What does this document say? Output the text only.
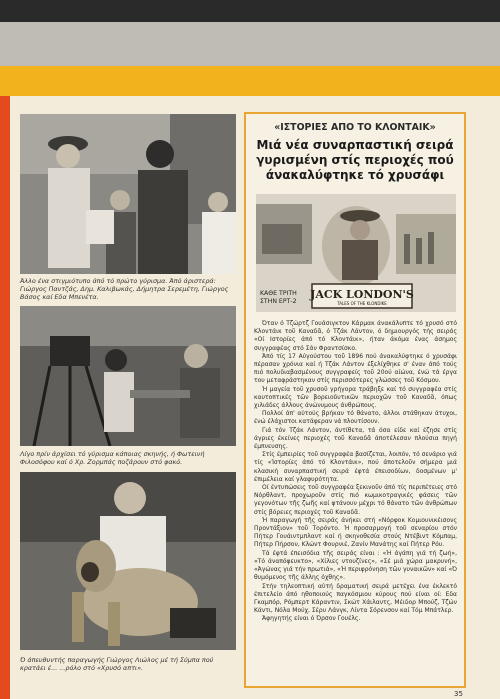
Άλλο ένα στιγμιότυπο άπό τό πρώτο γύρισμα. Άπό άριστερά: Γιώργος Παντζάς, Δημ. Καλιβωκάς, Δήμητρα Σερεμέτη, Γιώργος Βάσος καί Εδα Μπενέτα.
Λίγο πρίν άρχίσει τό γύρισμα κάποιας σκηνής, ή Φωτεινή Φιλοσόφου καί ό Χρ. Ζορμπάς ποζάρουν στό φακό.
Ό άπευθυντής παραγωγής Γιώργος Λιώλος μέ τή Σύμπα πού κρατάει έ... ...ρόλο στό «Χρυσό απτι».
«ΙΣΤΟΡΙΕΣ ΑΠΟ ΤΟ ΚΛΟΝΤΑΙΚ»
Μιά νέα συναρπαστική σειρά γυρισμένη στίς περιοχές πού άνακαλύφτηκε τό χρυσάφι
JACK LONDON'S
TALES OF THE KLONDIKE
ΚΑΘΕ ΤΡΙΤΗ ΣΤΗΝ ΕΡΤ-2

Όταν ό Τζώρτζ Γουάσιγκτον Κάρμακ άνακάλυπτε τό χρυσό στό Κλοντάικ τοῦ Καναδᾶ, ό Τζάκ Λάντον, ό δημιουργός τής σειράς «Οί Ιστορίες άπό τό Κλοντάικ», ήταν άκόμα ένας άσημος συγγραφέας στό Σάν Φραντσίσκο.

Άπό τίς 17 Αὐγούστου τοῦ 1896 πού άνακαλύφτηκε ό χρυσάφι πέρασαν χρόνια καί ή Τζάκ Λάντον έξελίχθηκε σ' έναν άπό τούς πιό πολυδιαβασμένους συγγραφείς τοῦ 20ού αίώνα, ένώ τά έργα του μεταφράστηκαν στίς περισσότερες γλώσσες τοῦ Κόσμου.

Ή μαγεία τοῦ χρυσοῦ γρήγορα τράβηξε καί τό συγγραφέα στίς καυτοπτικές τῶν βορειοδυτικῶν περιοχῶν τοῦ Καναδᾶ, όπως χιλιάδες άλλους άνώνυμους άνθρώπους.

Πολλοί άπ' αὐτούς βρήκαν τό θάνατο, άλλοι στάθηκαν άτυχοι, ένώ έλάχιστοι κατάφεραν νά πλουτίσουν.

Γιά τόν Τζάκ Λάντον, άντίθετα, τά όσα είδε καί έζησε στίς άγριες έκείνες περιοχές τοῦ Καναδᾶ άποτέλεσαν πλούσια πηγή έμπνευσης.

Στίς έμπειρίες τοῦ συγγραφέα βασίζεται, λοιπόν, τό σενάριο γιά τίς «Ίστορίες άπό τό Κλοντάικ», πού άποτελοῦν σήμερα μιά κλασική συναρπαστική σειρά έφτά έπεισοδίων, δοσμένων μ' έπιμέλεια καί γλαφυρότητα.

Οί έντυπώσεις τοῦ συγγραφέα ξεκινοῦν άπό τίς περιπέτειες στό Νόρθλαντ, προχωροῦν στίς πιό κωμικοτραγικές φάσεις τῶν γεγονότων τῆς ζωῆς καί φτάνουν μέχρι τό θάνατο τῶν άνθρώπων στίς βόρειες περιοχές τοῦ Καναδᾶ.

Ή παραγωγή τῆς σειράς άνήκει στή «Νόρφοκ Κομιουνικέισονς Προντάξιον» τοῦ Τορόντο. Ή προσαρμογή τοῦ σεναρίου στόν Πήτερ Γουάιντμπλαντ καί ή σκηνοθεσία στούς Ντέβιντ Κόμπαμ, Πήτερ Πήρσον, Κλώντ Φουρνιέ, Ζανίν Μανάτης καί Πήτερ Ρόυ.

Τά έφτά έπεισόδια τῆς σειράς είναι : «Ή άγάπη γιά τή ζωή», «Τό άναπόφευκτο», «Χίλιες ντουζίνες», «Σέ μιά χώρα μακρυνή», «Άγώνας γιά τήν πρωτιά», «Ή περιφρόνηση τῶν γυναικῶν» καί «Ό θυμόμενος τῆς άλλης όχθης».

Στήν τηλεοπτική αὐτή δραματική σειρά μετέχει ένα έκλεκτό έπιτελείο άπό ηθοποιούς παγκόσμιου κύρους πού είναι οί: Εδα Γκαμπόρ, Ρόμπερτ Κάραντιν, Σκώτ Χάιλαντς, Μέιδορ Μπούζ, Τζών Κάντι, Νόλα Μούχ, Σέρυ Λάνγκ, Λίντα Σόρενσον καί Τόμ Μπάτλερ.

Άφηγητής είναι ό Όρσον Γουέλς.

35
